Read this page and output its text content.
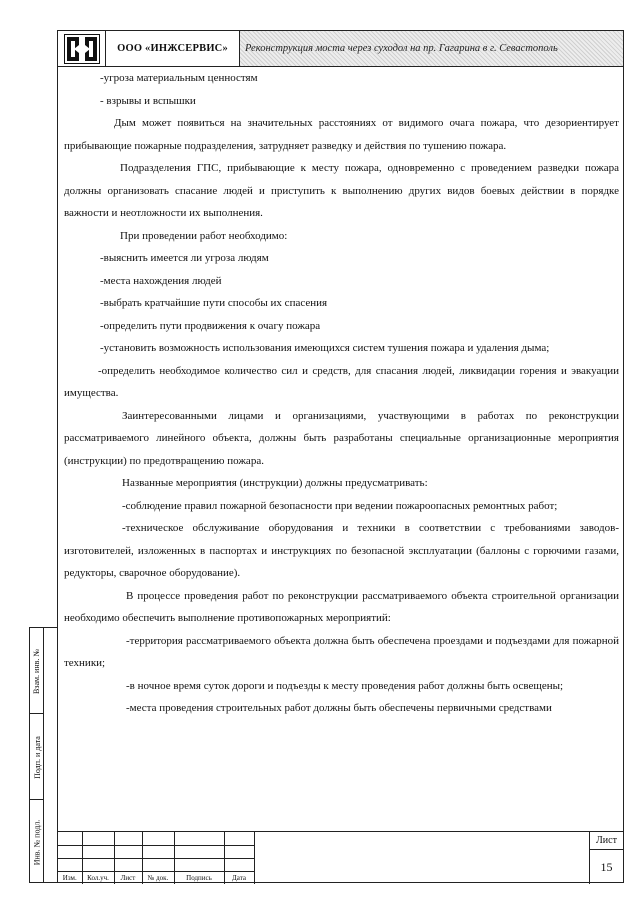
ООО «ИНЖСЕРВИС»	Реконструкция моста через суходол на пр. Гагарина в г. Севастополь
-угроза материальным ценностям
- взрывы и вспышки
Дым может появиться на значительных расстояниях от видимого очага пожара, что дезориентирует прибывающие пожарные подразделения, затрудняет разведку и действия по тушению пожара.
Подразделения ГПС, прибывающие к месту пожара, одновременно с проведением разведки пожара должны организовать спасание людей и приступить к выполнению других видов боевых действии в порядке важности и неотложности их выполнения.
При проведении работ необходимо:
-выяснить имеется ли угроза людям
-места нахождения людей
-выбрать кратчайшие пути способы их спасения
-определить пути продвижения к очагу пожара
-установить возможность использования имеющихся систем тушения пожара и удаления дыма;
-определить необходимое количество сил и средств, для спасания людей, ликвидации горения и эвакуации имущества.
Заинтересованными лицами и организациями, участвующими в работах по реконструкции рассматриваемого линейного объекта, должны быть разработаны специальные организационные мероприятия (инструкции) по предотвращению пожара.
Названные мероприятия (инструкции) должны предусматривать:
-соблюдение правил пожарной безопасности при ведении пожароопасных ремонтных работ;
-техническое обслуживание оборудования и техники в соответствии с требованиями заводов-изготовителей, изложенных в паспортах и инструкциях по безопасной эксплуатации (баллоны с горючими газами, редукторы, сварочное оборудование).
В процессе проведения работ по реконструкции рассматриваемого объекта строительной организации необходимо обеспечить выполнение противопожарных мероприятий:
-территория рассматриваемого объекта должна быть обеспечена проездами и подъездами для пожарной техники;
-в ночное время суток дороги и подъезды к месту проведения работ должны быть освещены;
-места проведения строительных работ должны быть обеспечены первичными средствами

Изм.	Кол.уч.	Лист	№ док.	Подпись	Дата
Лист
15
Взам. инв. №
Подп. и дата
Инв. № подл.
